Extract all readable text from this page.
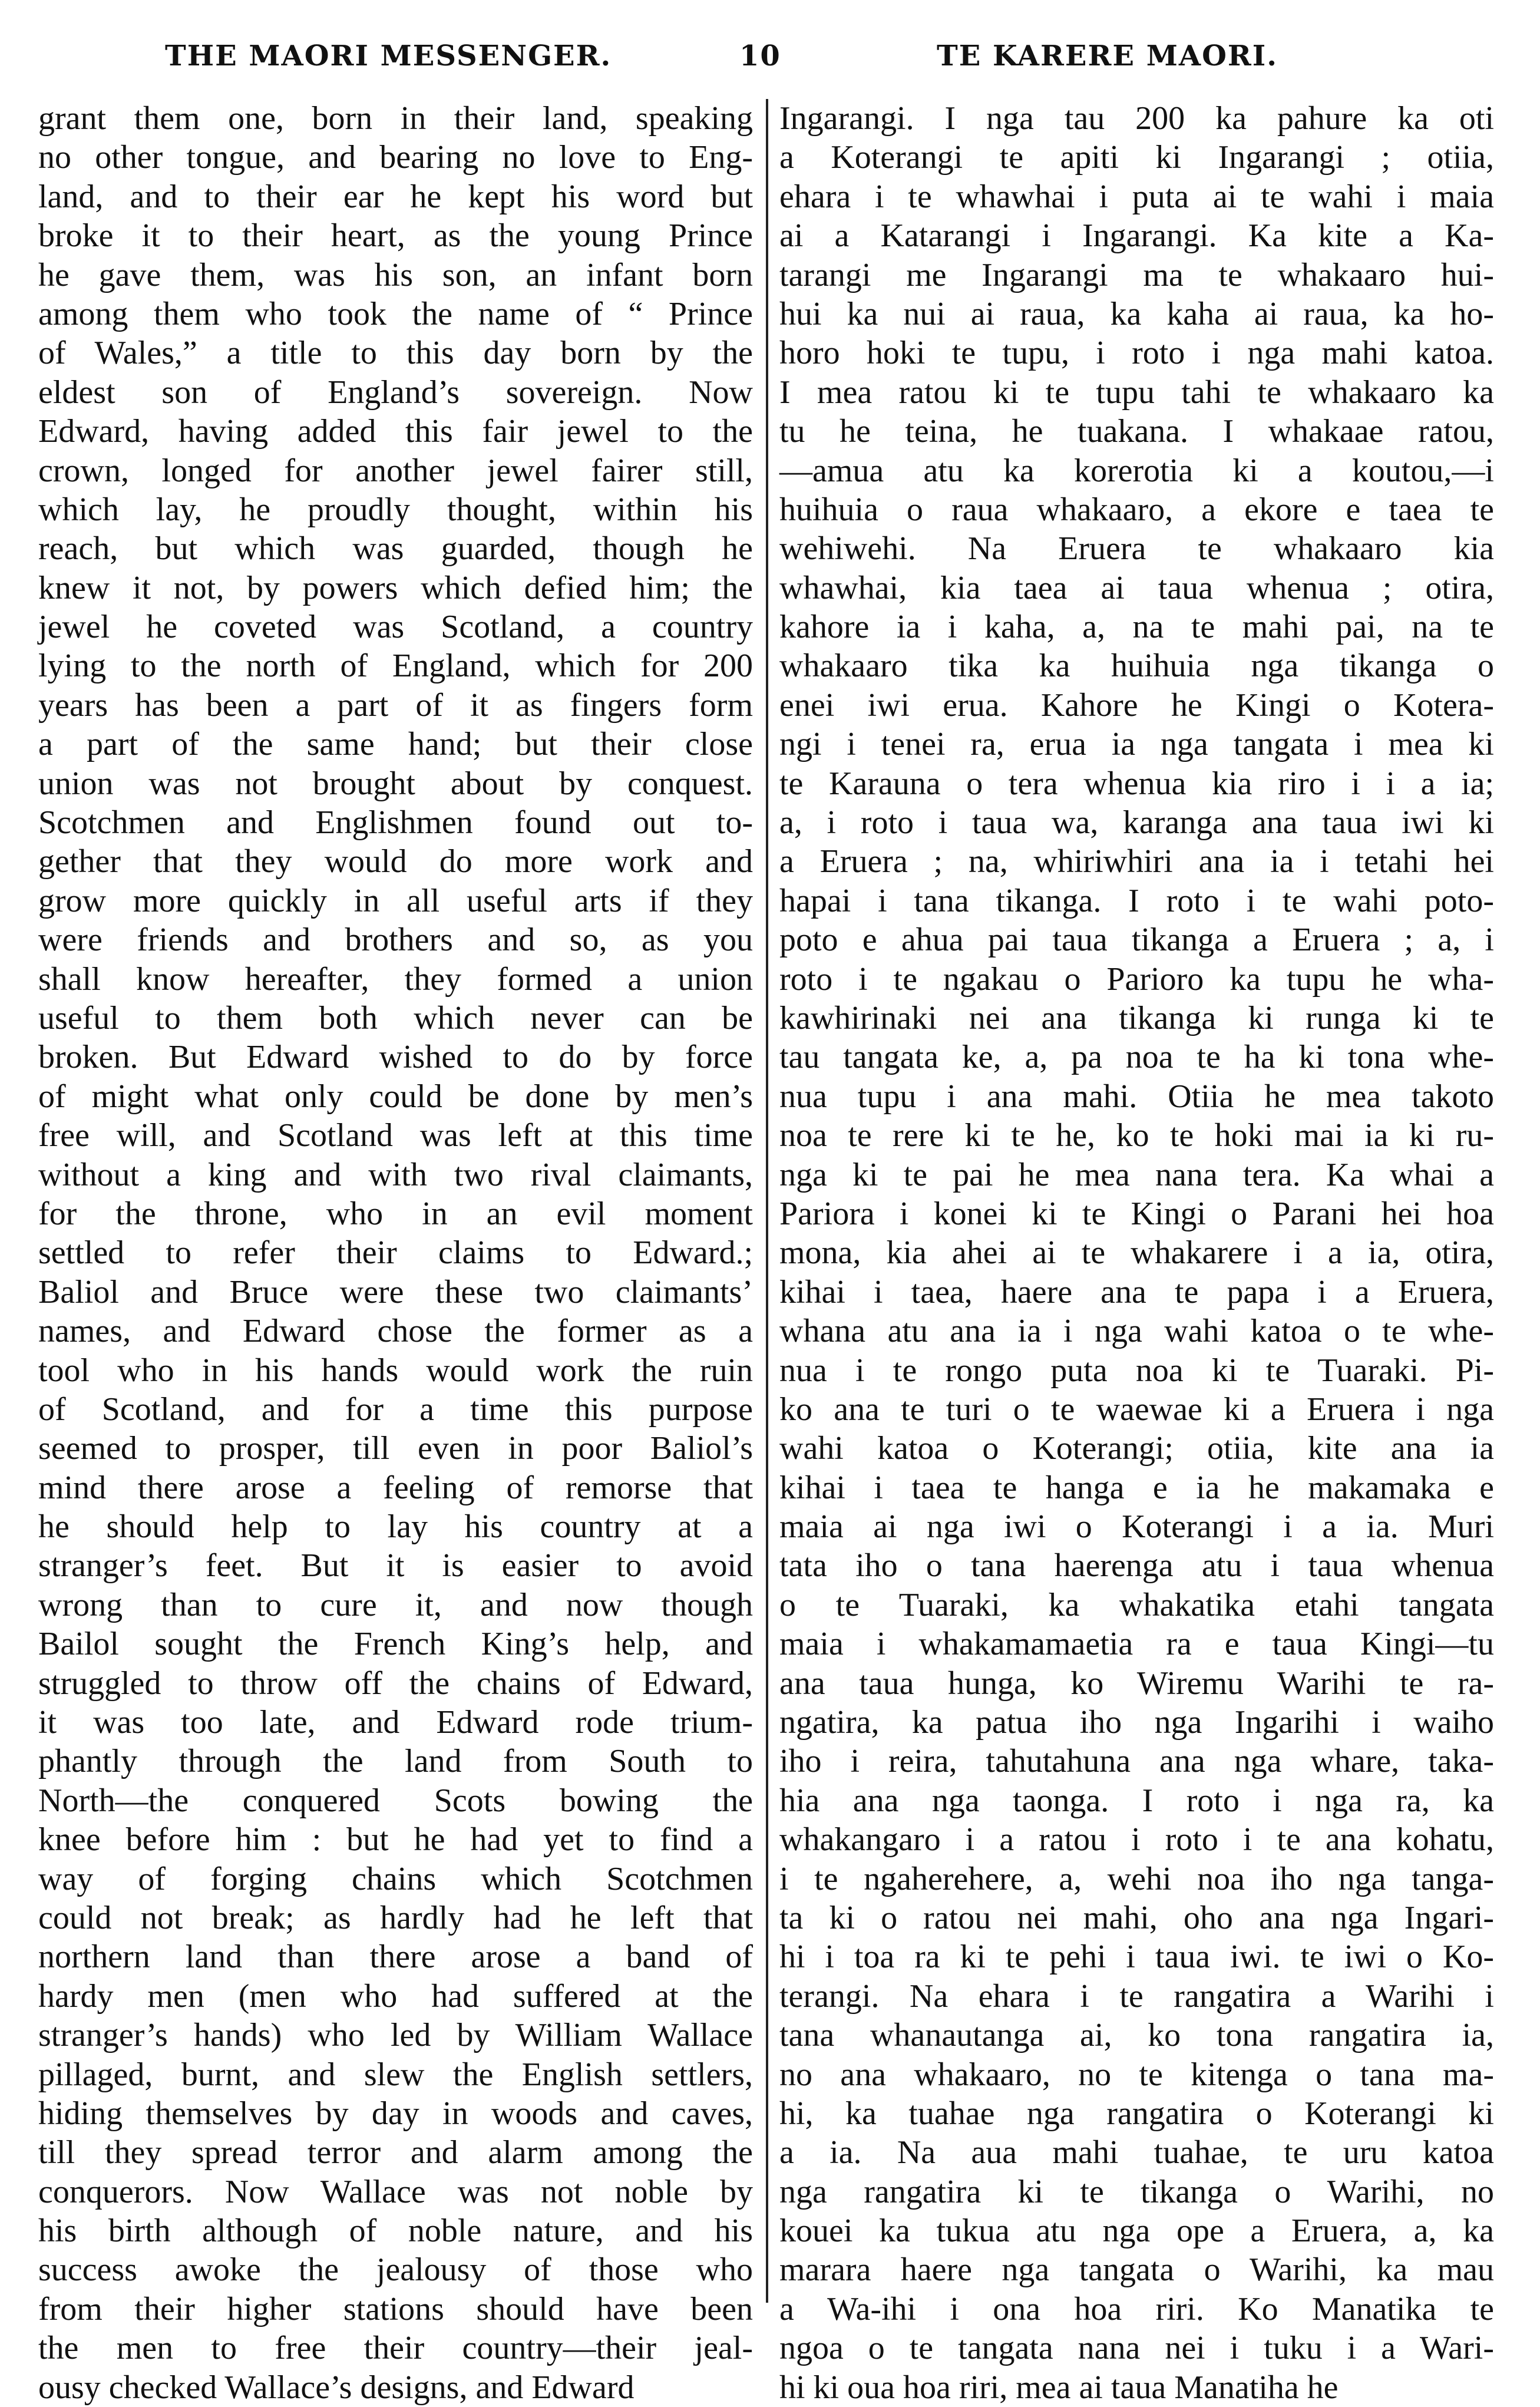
THE MAORI MESSENGER.	10	TE KARERE MAORI.
grant them one, born in their land, speaking
no other tongue, and bearing no love to Eng-
land, and to their ear he kept his word but
broke it to their heart, as the young Prince
he gave them, was his son, an infant born
among them who took the name of “ Prince
of Wales,” a title to this day born by the
eldest son of England’s sovereign. Now
Edward, having added this fair jewel to the
crown, longed for another jewel fairer still,
which lay, he proudly thought, within his
reach, but which was guarded, though he
knew it not, by powers which defied him; the
jewel he coveted was Scotland, a country
lying to the north of England, which for 200
years has been a part of it as fingers form
a part of the same hand; but their close
union was not brought about by conquest.
Scotchmen and Englishmen found out to-
gether that they would do more work and
grow more quickly in all useful arts if they
were friends and brothers and so, as you
shall know hereafter, they formed a union
useful to them both which never can be
broken. But Edward wished to do by force
of might what only could be done by men’s
free will, and Scotland was left at this time
without a king and with two rival claimants,
for the throne, who in an evil moment
settled to refer their claims to Edward.;
Baliol and Bruce were these two claimants’
names, and Edward chose the former as a
tool who in his hands would work the ruin
of Scotland, and for a time this purpose
seemed to prosper, till even in poor Baliol’s
mind there arose a feeling of remorse that
he should help to lay his country at a
stranger’s feet. But it is easier to avoid
wrong than to cure it, and now though
Bailol sought the French King’s help, and
struggled to throw off the chains of Edward,
it was too late, and Edward rode trium-
phantly through the land from South to
North—the conquered Scots bowing the
knee before him : but he had yet to find a
way of forging chains which Scotchmen
could not break; as hardly had he left that
northern land than there arose a band of
hardy men (men who had suffered at the
stranger’s hands) who led by William Wallace
pillaged, burnt, and slew the English settlers,
hiding themselves by day in woods and caves,
till they spread terror and alarm among the
conquerors. Now Wallace was not noble by
his birth although of noble nature, and his
success awoke the jealousy of those who
from their higher stations should have been
the men to free their country—their jeal-
ousy checked Wallace’s designs, and Edward
Ingarangi. I nga tau 200 ka pahure ka oti
a Koterangi te apiti ki Ingarangi ; otiia,
ehara i te whawhai i puta ai te wahi i maia
ai a Katarangi i Ingarangi. Ka kite a Ka-
tarangi me Ingarangi ma te whakaaro hui-
hui ka nui ai raua, ka kaha ai raua, ka ho-
horo hoki te tupu, i roto i nga mahi katoa.
I mea ratou ki te tupu tahi te whakaaro ka
tu he teina, he tuakana. I whakaae ratou,
—amua atu ka korerotia ki a koutou,—i
huihuia o raua whakaaro, a ekore e taea te
wehiwehi. Na Eruera te whakaaro kia
whawhai, kia taea ai taua whenua ; otira,
kahore ia i kaha, a, na te mahi pai, na te
whakaaro tika ka huihuia nga tikanga o
enei iwi erua. Kahore he Kingi o Kotera-
ngi i tenei ra, erua ia nga tangata i mea ki
te Karauna o tera whenua kia riro i i a ia;
a, i roto i taua wa, karanga ana taua iwi ki
a Eruera ; na, whiriwhiri ana ia i tetahi hei
hapai i tana tikanga. I roto i te wahi poto-
poto e ahua pai taua tikanga a Eruera ; a, i
roto i te ngakau o Parioro ka tupu he wha-
kawhirinaki nei ana tikanga ki runga ki te
tau tangata ke, a, pa noa te ha ki tona whe-
nua tupu i ana mahi. Otiia he mea takoto
noa te rere ki te he, ko te hoki mai ia ki ru-
nga ki te pai he mea nana tera. Ka whai a
Pariora i konei ki te Kingi o Parani hei hoa
mona, kia ahei ai te whakarere i a ia, otira,
kihai i taea, haere ana te papa i a Eruera,
whana atu ana ia i nga wahi katoa o te whe-
nua i te rongo puta noa ki te Tuaraki. Pi-
ko ana te turi o te waewae ki a Eruera i nga
wahi katoa o Koterangi; otiia, kite ana ia
kihai i taea te hanga e ia he makamaka e
maia ai nga iwi o Koterangi i a ia. Muri
tata iho o tana haerenga atu i taua whenua
o te Tuaraki, ka whakatika etahi tangata
maia i whakamamaetia ra e taua Kingi—tu
ana taua hunga, ko Wiremu Warihi te ra-
ngatira, ka patua iho nga Ingarihi i waiho
iho i reira, tahutahuna ana nga whare, taka-
hia ana nga taonga. I roto i nga ra, ka
whakangaro i a ratou i roto i te ana kohatu,
i te ngaherehere, a, wehi noa iho nga tanga-
ta ki o ratou nei mahi, oho ana nga Ingari-
hi i toa ra ki te pehi i taua iwi. te iwi o Ko-
terangi. Na ehara i te rangatira a Warihi i
tana whanautanga ai, ko tona rangatira ia,
no ana whakaaro, no te kitenga o tana ma-
hi, ka tuahae nga rangatira o Koterangi ki
a ia. Na aua mahi tuahae, te uru katoa
nga rangatira ki te tikanga o Warihi, no
kouei ka tukua atu nga ope a Eruera, a, ka
marara haere nga tangata o Warihi, ka mau
a Wa-ihi i ona hoa riri. Ko Manatika te
ngoa o te tangata nana nei i tuku i a Wari-
hi ki oua hoa riri, mea ai taua Manatiha he
